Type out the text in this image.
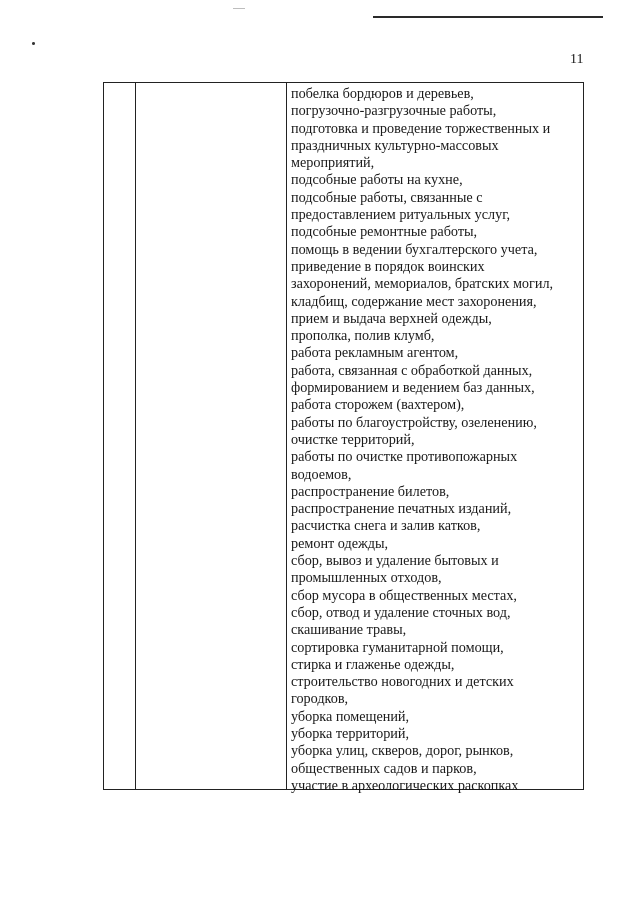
11
побелка бордюров и деревьев,
погрузочно-разгрузочные работы,
подготовка и проведение торжественных и
праздничных культурно-массовых
мероприятий,
подсобные работы на кухне,
подсобные работы, связанные с
предоставлением ритуальных услуг,
подсобные ремонтные работы,
помощь в ведении бухгалтерского учета,
приведение в порядок воинских
захоронений, мемориалов, братских могил,
кладбищ, содержание мест захоронения,
прием и выдача верхней одежды,
прополка, полив клумб,
работа рекламным агентом,
работа, связанная с обработкой данных,
формированием и ведением баз данных,
работа сторожем (вахтером),
работы по благоустройству, озеленению,
очистке территорий,
работы по очистке противопожарных
водоемов,
распространение билетов,
распространение печатных изданий,
расчистка снега и залив катков,
ремонт одежды,
сбор, вывоз и удаление бытовых и
промышленных отходов,
сбор мусора в общественных местах,
сбор, отвод и удаление сточных вод,
скашивание травы,
сортировка гуманитарной помощи,
стирка и глаженье одежды,
строительство новогодних и детских
городков,
уборка помещений,
уборка территорий,
уборка улиц, скверов, дорог, рынков,
общественных садов и парков,
участие в археологических раскопках
